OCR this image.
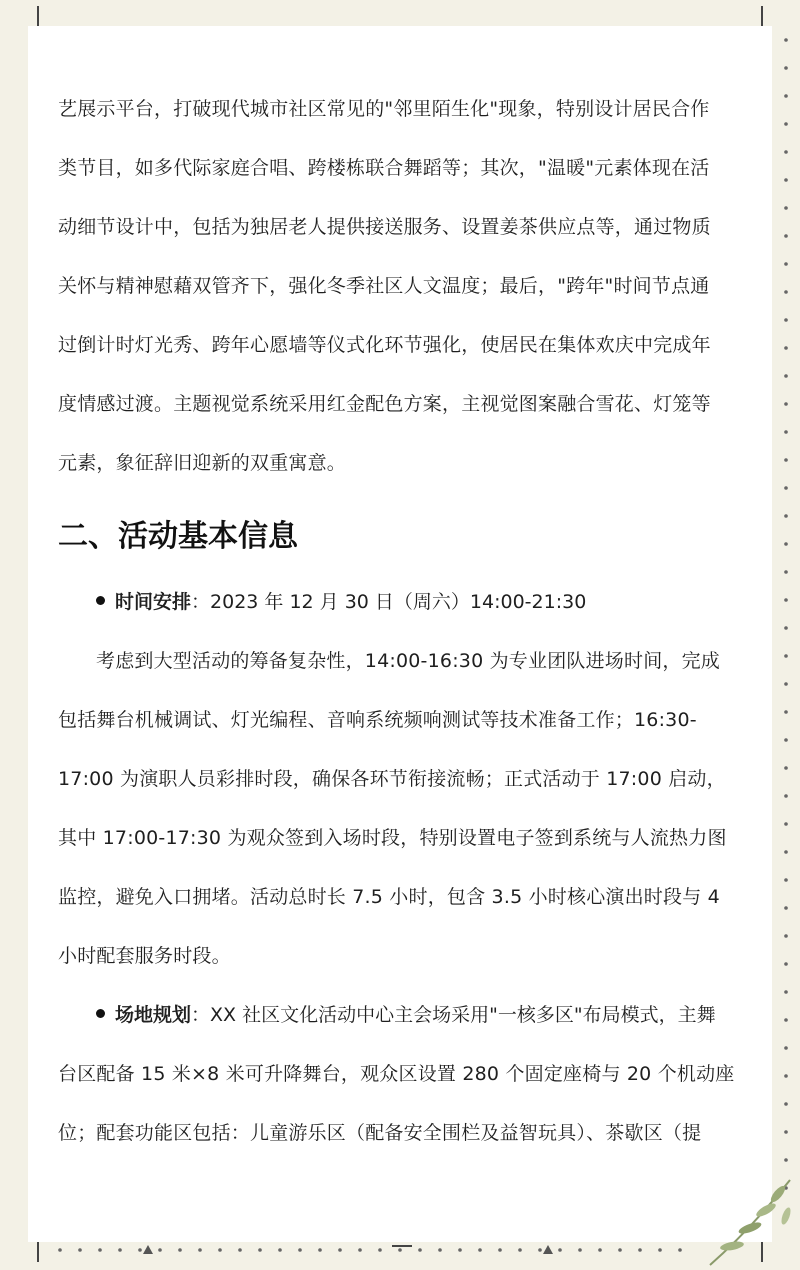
艺展示平台，打破现代城市社区常见的"邻里陌生化"现象，特别设计居民合作

类节目，如多代际家庭合唱、跨楼栋联合舞蹈等；其次，"温暖"元素体现在活

动细节设计中，包括为独居老人提供接送服务、设置姜茶供应点等，通过物质

关怀与精神慰藉双管齐下，强化冬季社区人文温度；最后，"跨年"时间节点通

过倒计时灯光秀、跨年心愿墙等仪式化环节强化，使居民在集体欢庆中完成年

度情感过渡。主题视觉系统采用红金配色方案，主视觉图案融合雪花、灯笼等

元素，象征辞旧迎新的双重寓意。

二、活动基本信息

时间安排：2023 年 12 月 30 日（周六）14:00-21:30

考虑到大型活动的筹备复杂性，14:00-16:30 为专业团队进场时间，完成

包括舞台机械调试、灯光编程、音响系统频响测试等技术准备工作；16:30-

17:00 为演职人员彩排时段，确保各环节衔接流畅；正式活动于 17:00 启动，

其中 17:00-17:30 为观众签到入场时段，特别设置电子签到系统与人流热力图

监控，避免入口拥堵。活动总时长 7.5 小时，包含 3.5 小时核心演出时段与 4

小时配套服务时段。

场地规划：XX 社区文化活动中心主会场采用"一核多区"布局模式，主舞

台区配备 15 米×8 米可升降舞台，观众区设置 280 个固定座椅与 20 个机动座

位；配套功能区包括：儿童游乐区（配备安全围栏及益智玩具）、茶歇区（提
